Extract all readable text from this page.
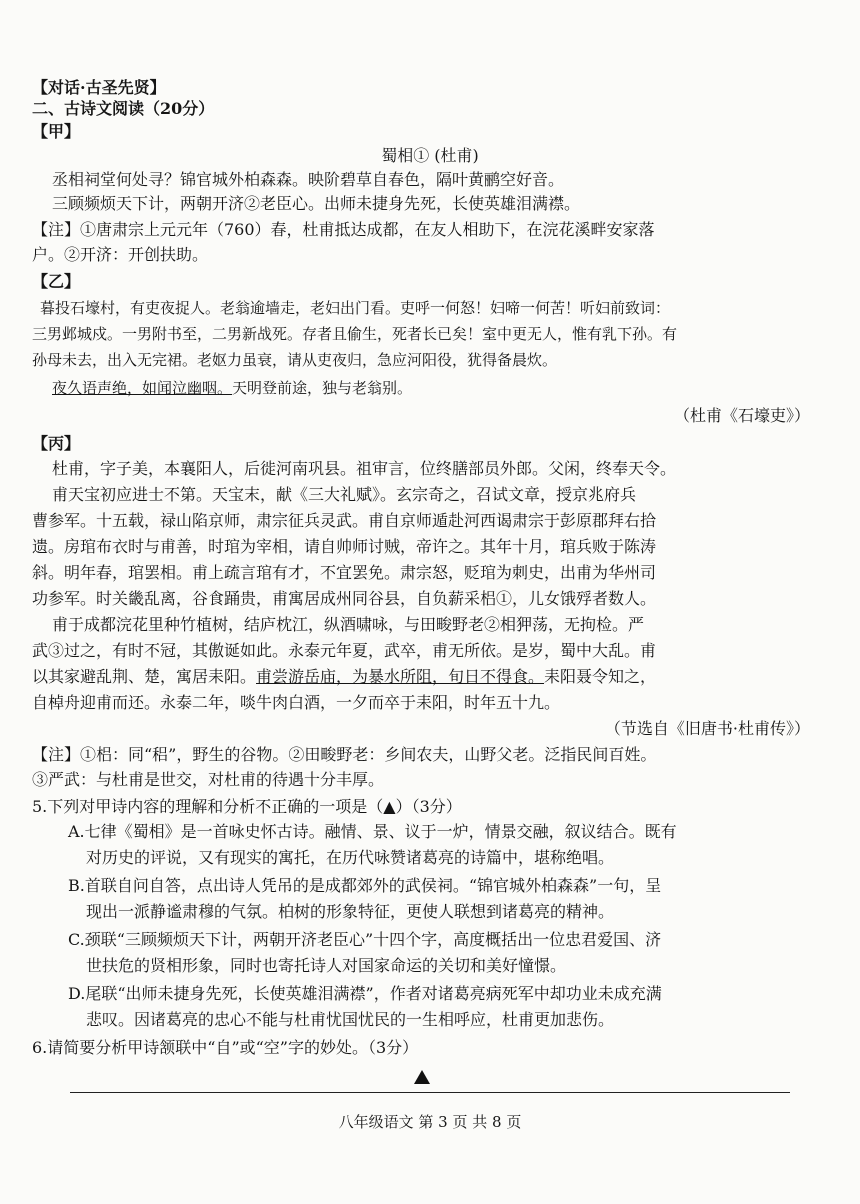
【对话·古圣先贤】
二、古诗文阅读（20分）
【甲】
蜀相① (杜甫)
丞相祠堂何处寻？锦官城外柏森森。映阶碧草自春色，隔叶黄鹂空好音。
三顾频烦天下计，两朝开济②老臣心。出师未捷身先死，长使英雄泪满襟。
【注】①唐肃宗上元元年（760）春，杜甫抵达成都，在友人相助下，在浣花溪畔安家落
户。②开济：开创扶助。
【乙】
暮投石壕村，有吏夜捉人。老翁逾墙走，老妇出门看。吏呼一何怒！妇啼一何苦！听妇前致词：
三男邺城戍。一男附书至，二男新战死。存者且偷生，死者长已矣！室中更无人，惟有乳下孙。有
孙母未去，出入无完裙。老妪力虽衰，请从吏夜归，急应河阳役，犹得备晨炊。
夜久语声绝，如闻泣幽咽。天明登前途，独与老翁别。
（杜甫《石壕吏》）
【丙】
杜甫，字子美，本襄阳人，后徙河南巩县。祖审言，位终膳部员外郎。父闲，终奉天令。
甫天宝初应进士不第。天宝末，献《三大礼赋》。玄宗奇之，召试文章，授京兆府兵
曹参军。十五载，禄山陷京师，肃宗征兵灵武。甫自京师遁赴河西谒肃宗于彭原郡拜右拾
遗。房琯布衣时与甫善，时琯为宰相，请自帅师讨贼，帝许之。其年十月，琯兵败于陈涛
斜。明年春，琯罢相。甫上疏言琯有才，不宜罢免。肃宗怒，贬琯为刺史，出甫为华州司
功参军。时关畿乱离，谷食踊贵，甫寓居成州同谷县，自负薪采梠①，儿女饿殍者数人。
甫于成都浣花里种竹植树，结庐枕江，纵酒啸咏，与田畯野老②相狎荡，无拘检。严
武③过之，有时不冠，其傲诞如此。永泰元年夏，武卒，甫无所依。是岁，蜀中大乱。甫
以其家避乱荆、楚，寓居耒阳。甫尝游岳庙，为暴水所阻，旬日不得食。耒阳聂令知之，
自棹舟迎甫而还。永泰二年，啖牛肉白酒，一夕而卒于耒阳，时年五十九。
（节选自《旧唐书·杜甫传》）
【注】①梠：同“稆”，野生的谷物。②田畯野老：乡间农夫，山野父老。泛指民间百姓。
③严武：与杜甫是世交，对杜甫的待遇十分丰厚。
5.下列对甲诗内容的理解和分析不正确的一项是（▲）（3分）
A.七律《蜀相》是一首咏史怀古诗。融情、景、议于一炉，情景交融，叙议结合。既有
对历史的评说，又有现实的寓托，在历代咏赞诸葛亮的诗篇中，堪称绝唱。
B.首联自问自答，点出诗人凭吊的是成都郊外的武侯祠。“锦官城外柏森森”一句，呈
现出一派静谧肃穆的气氛。柏树的形象特征，更使人联想到诸葛亮的精神。
C.颈联“三顾频烦天下计，两朝开济老臣心”十四个字，高度概括出一位忠君爱国、济
世扶危的贤相形象，同时也寄托诗人对国家命运的关切和美好憧憬。
D.尾联“出师未捷身先死，长使英雄泪满襟”，作者对诸葛亮病死军中却功业未成充满
悲叹。因诸葛亮的忠心不能与杜甫忧国忧民的一生相呼应，杜甫更加悲伤。
6.请简要分析甲诗颔联中“自”或“空”字的妙处。（3分）
八年级语文 第 3 页 共 8 页
